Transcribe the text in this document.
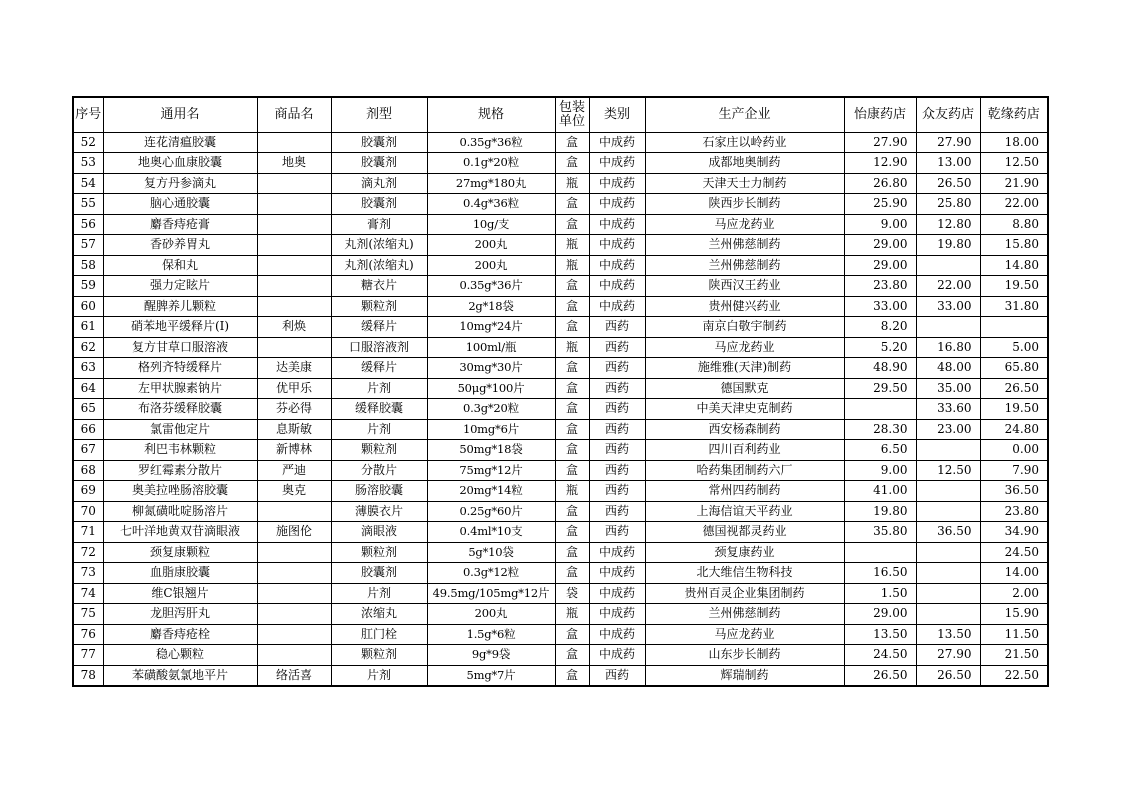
序号	通用名	商品名	剂型	规格	包装单位	类别	生产企业	怡康药店	众友药店	乾缘药店
52	连花清瘟胶囊		胶囊剂	0.35g*36粒	盒	中成药	石家庄以岭药业	27.90	27.90	18.00
53	地奥心血康胶囊	地奥	胶囊剂	0.1g*20粒	盒	中成药	成都地奥制药	12.90	13.00	12.50
54	复方丹参滴丸		滴丸剂	27mg*180丸	瓶	中成药	天津天士力制药	26.80	26.50	21.90
55	脑心通胶囊		胶囊剂	0.4g*36粒	盒	中成药	陕西步长制药	25.90	25.80	22.00
56	麝香痔疮膏		膏剂	10g/支	盒	中成药	马应龙药业	9.00	12.80	8.80
57	香砂养胃丸		丸剂(浓缩丸)	200丸	瓶	中成药	兰州佛慈制药	29.00	19.80	15.80
58	保和丸		丸剂(浓缩丸)	200丸	瓶	中成药	兰州佛慈制药	29.00		14.80
59	强力定眩片		糖衣片	0.35g*36片	盒	中成药	陕西汉王药业	23.80	22.00	19.50
60	醒脾养儿颗粒		颗粒剂	2g*18袋	盒	中成药	贵州健兴药业	33.00	33.00	31.80
61	硝苯地平缓释片(Ⅰ)	利焕	缓释片	10mg*24片	盒	西药	南京白敬宇制药	8.20		
62	复方甘草口服溶液		口服溶液剂	100ml/瓶	瓶	西药	马应龙药业	5.20	16.80	5.00
63	格列齐特缓释片	达美康	缓释片	30mg*30片	盒	西药	施维雅(天津)制药	48.90	48.00	65.80
64	左甲状腺素钠片	优甲乐	片剂	50μg*100片	盒	西药	德国默克	29.50	35.00	26.50
65	布洛芬缓释胶囊	芬必得	缓释胶囊	0.3g*20粒	盒	西药	中美天津史克制药		33.60	19.50
66	氯雷他定片	息斯敏	片剂	10mg*6片	盒	西药	西安杨森制药	28.30	23.00	24.80
67	利巴韦林颗粒	新博林	颗粒剂	50mg*18袋	盒	西药	四川百利药业	6.50		0.00
68	罗红霉素分散片	严迪	分散片	75mg*12片	盒	西药	哈药集团制药六厂	9.00	12.50	7.90
69	奥美拉唑肠溶胶囊	奥克	肠溶胶囊	20mg*14粒	瓶	西药	常州四药制药	41.00		36.50
70	柳氮磺吡啶肠溶片		薄膜衣片	0.25g*60片	盒	西药	上海信谊天平药业	19.80		23.80
71	七叶洋地黄双苷滴眼液	施图伦	滴眼液	0.4ml*10支	盒	西药	德国视都灵药业	35.80	36.50	34.90
72	颈复康颗粒		颗粒剂	5g*10袋	盒	中成药	颈复康药业			24.50
73	血脂康胶囊		胶囊剂	0.3g*12粒	盒	中成药	北大维信生物科技	16.50		14.00
74	维C银翘片		片剂	49.5mg/105mg*12片	袋	中成药	贵州百灵企业集团制药	1.50		2.00
75	龙胆泻肝丸		浓缩丸	200丸	瓶	中成药	兰州佛慈制药	29.00		15.90
76	麝香痔疮栓		肛门栓	1.5g*6粒	盒	中成药	马应龙药业	13.50	13.50	11.50
77	稳心颗粒		颗粒剂	9g*9袋	盒	中成药	山东步长制药	24.50	27.90	21.50
78	苯磺酸氨氯地平片	络活喜	片剂	5mg*7片	盒	西药	辉瑞制药	26.50	26.50	22.50
